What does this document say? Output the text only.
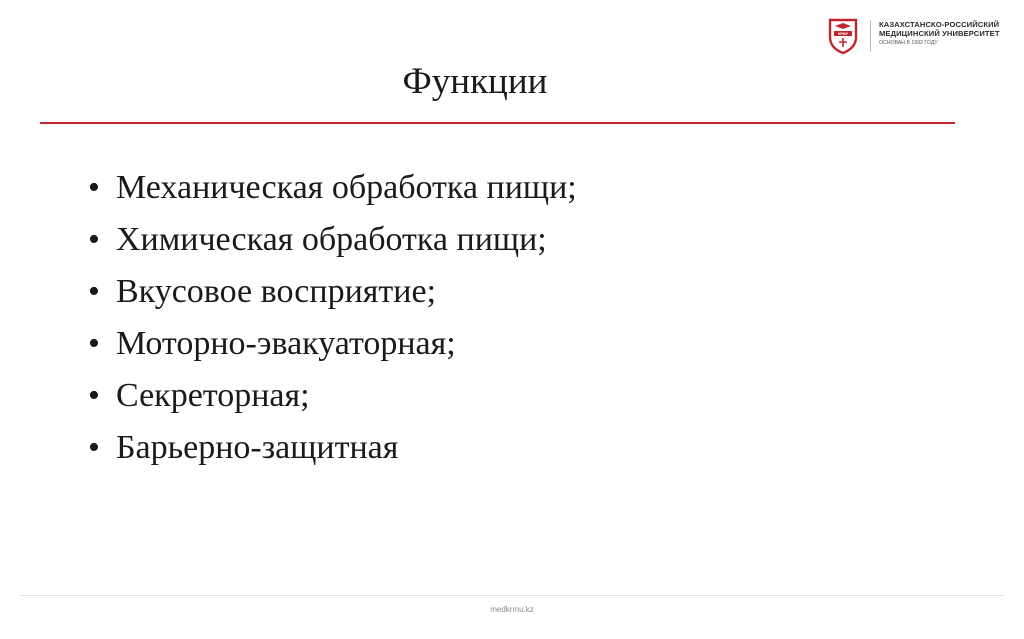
КРМУ
КАЗАХСТАНСКО-РОССИЙСКИЙ
МЕДИЦИНСКИЙ УНИВЕРСИТЕТ
ОСНОВАН В 1992 ГОДУ
Функции
• Механическая обработка пищи;
• Химическая обработка пищи;
• Вкусовое восприятие;
• Моторно-эвакуаторная;
• Секреторная;
• Барьерно-защитная
medkrmu.kz
